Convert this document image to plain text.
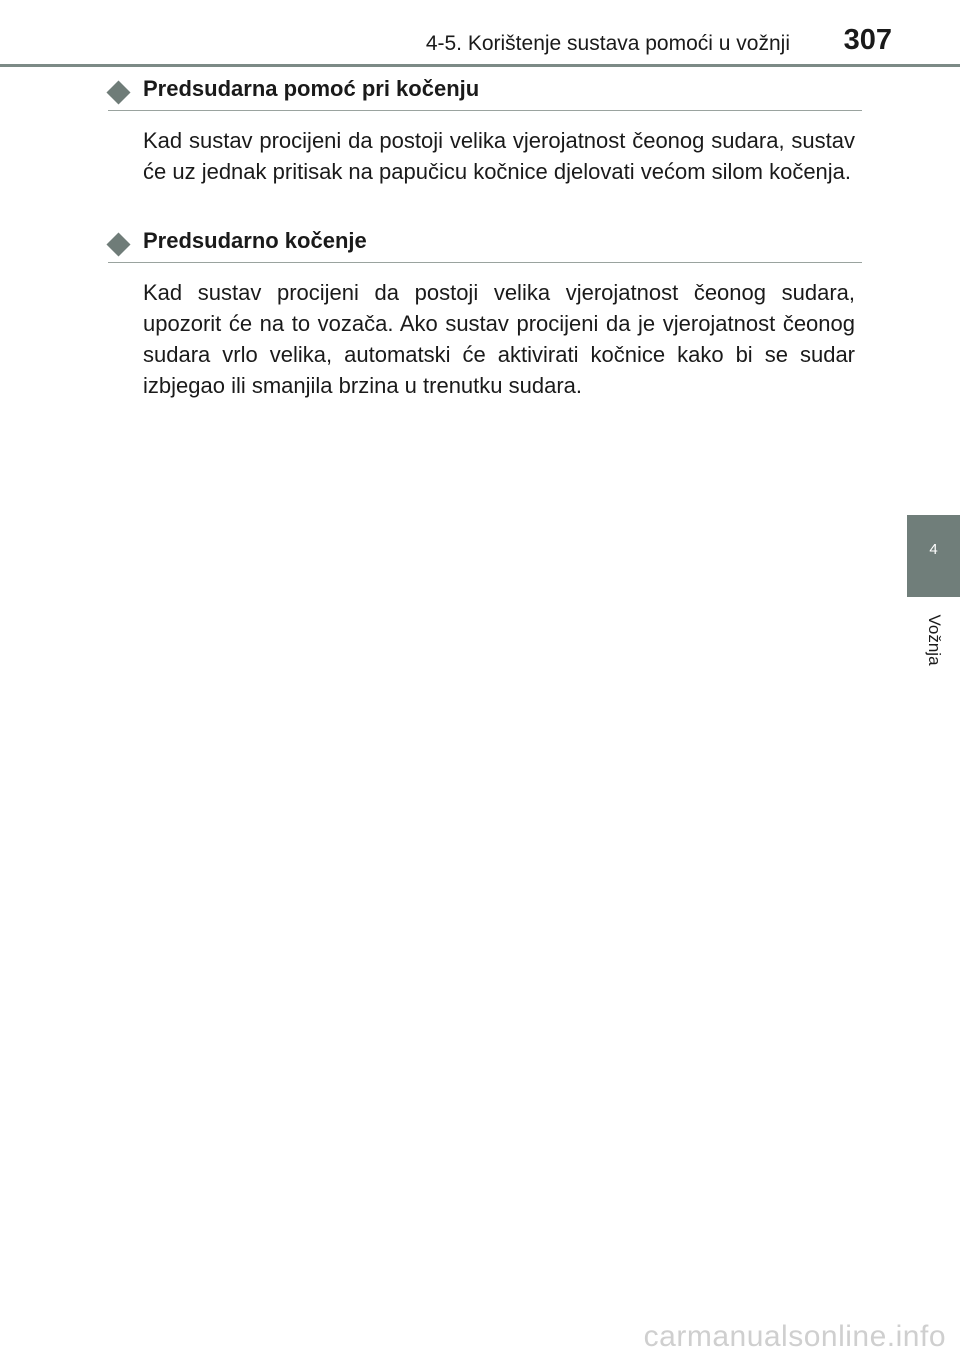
4-5. Korištenje sustava pomoći u vožnji 307
Predsudarna pomoć pri kočenju
Kad sustav procijeni da postoji velika vjerojatnost čeonog sudara, sustav će uz jednak pritisak na papučicu kočnice djelovati većom silom kočenja.
Predsudarno kočenje
Kad sustav procijeni da postoji velika vjerojatnost čeonog sudara, upozorit će na to vozača. Ako sustav procijeni da je vjerojatnost čeonog sudara vrlo velika, automatski će aktivirati kočnice kako bi se sudar izbjegao ili smanjila brzina u trenutku sudara.
4
Vožnja
carmanualsonline.info
